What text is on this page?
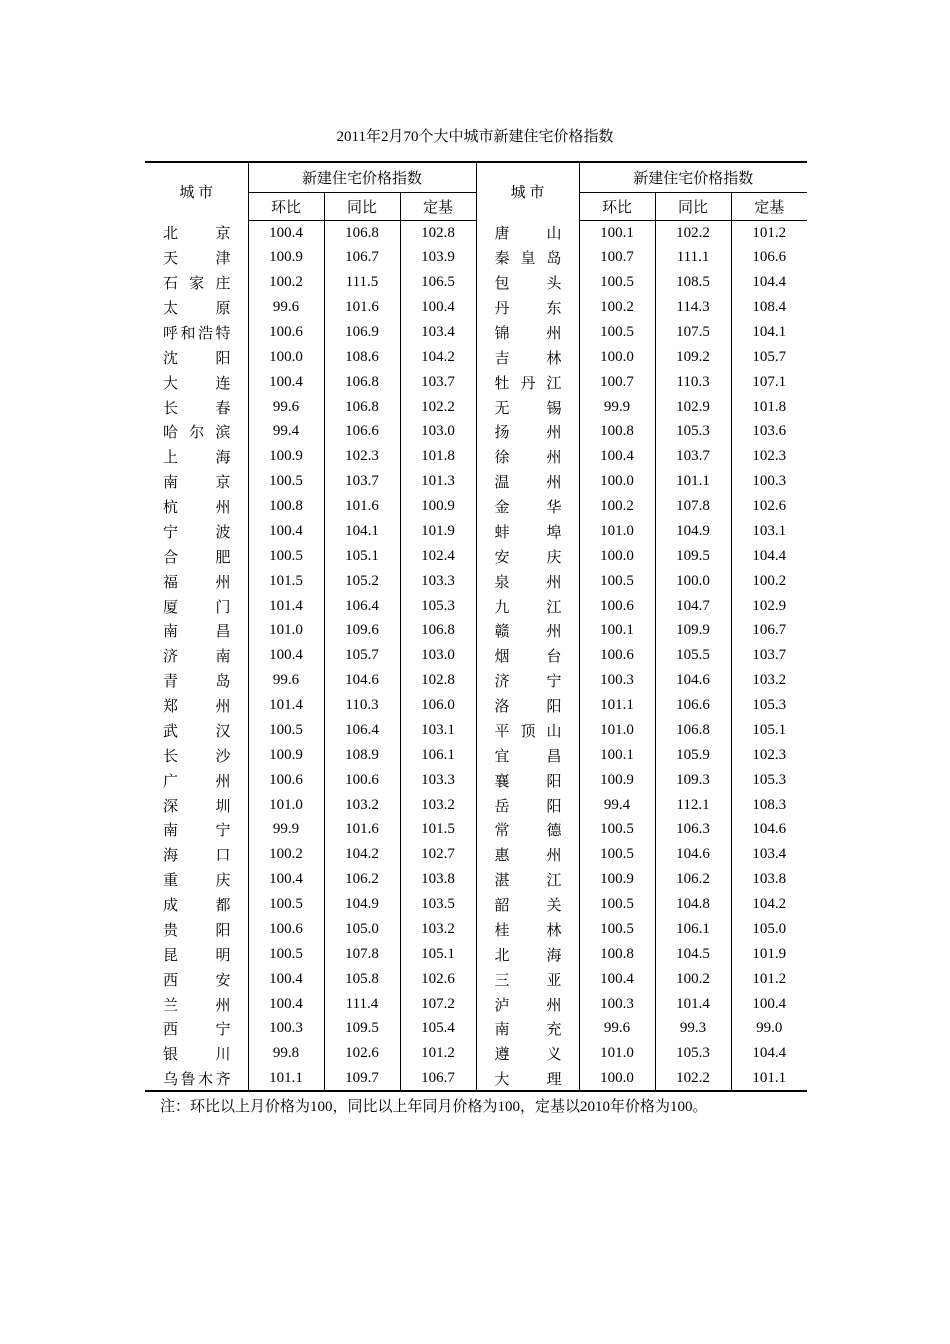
2011年2月70个大中城市新建住宅价格指数
城 市	新建住宅价格指数			城 市	新建住宅价格指数		
	环比	同比	定基		环比	同比	定基
北京	100.4	106.8	102.8	唐山	100.1	102.2	101.2
天津	100.9	106.7	103.9	秦皇岛	100.7	111.1	106.6
石家庄	100.2	111.5	106.5	包头	100.5	108.5	104.4
太原	99.6	101.6	100.4	丹东	100.2	114.3	108.4
呼和浩特	100.6	106.9	103.4	锦州	100.5	107.5	104.1
沈阳	100.0	108.6	104.2	吉林	100.0	109.2	105.7
大连	100.4	106.8	103.7	牡丹江	100.7	110.3	107.1
长春	99.6	106.8	102.2	无锡	99.9	102.9	101.8
哈尔滨	99.4	106.6	103.0	扬州	100.8	105.3	103.6
上海	100.9	102.3	101.8	徐州	100.4	103.7	102.3
南京	100.5	103.7	101.3	温州	100.0	101.1	100.3
杭州	100.8	101.6	100.9	金华	100.2	107.8	102.6
宁波	100.4	104.1	101.9	蚌埠	101.0	104.9	103.1
合肥	100.5	105.1	102.4	安庆	100.0	109.5	104.4
福州	101.5	105.2	103.3	泉州	100.5	100.0	100.2
厦门	101.4	106.4	105.3	九江	100.6	104.7	102.9
南昌	101.0	109.6	106.8	赣州	100.1	109.9	106.7
济南	100.4	105.7	103.0	烟台	100.6	105.5	103.7
青岛	99.6	104.6	102.8	济宁	100.3	104.6	103.2
郑州	101.4	110.3	106.0	洛阳	101.1	106.6	105.3
武汉	100.5	106.4	103.1	平顶山	101.0	106.8	105.1
长沙	100.9	108.9	106.1	宜昌	100.1	105.9	102.3
广州	100.6	100.6	103.3	襄阳	100.9	109.3	105.3
深圳	101.0	103.2	103.2	岳阳	99.4	112.1	108.3
南宁	99.9	101.6	101.5	常德	100.5	106.3	104.6
海口	100.2	104.2	102.7	惠州	100.5	104.6	103.4
重庆	100.4	106.2	103.8	湛江	100.9	106.2	103.8
成都	100.5	104.9	103.5	韶关	100.5	104.8	104.2
贵阳	100.6	105.0	103.2	桂林	100.5	106.1	105.0
昆明	100.5	107.8	105.1	北海	100.8	104.5	101.9
西安	100.4	105.8	102.6	三亚	100.4	100.2	101.2
兰州	100.4	111.4	107.2	泸州	100.3	101.4	100.4
西宁	100.3	109.5	105.4	南充	99.6	99.3	99.0
银川	99.8	102.6	101.2	遵义	101.0	105.3	104.4
乌鲁木齐	101.1	109.7	106.7	大理	100.0	102.2	101.1
注：环比以上月价格为100，同比以上年同月价格为100，定基以2010年价格为100。
